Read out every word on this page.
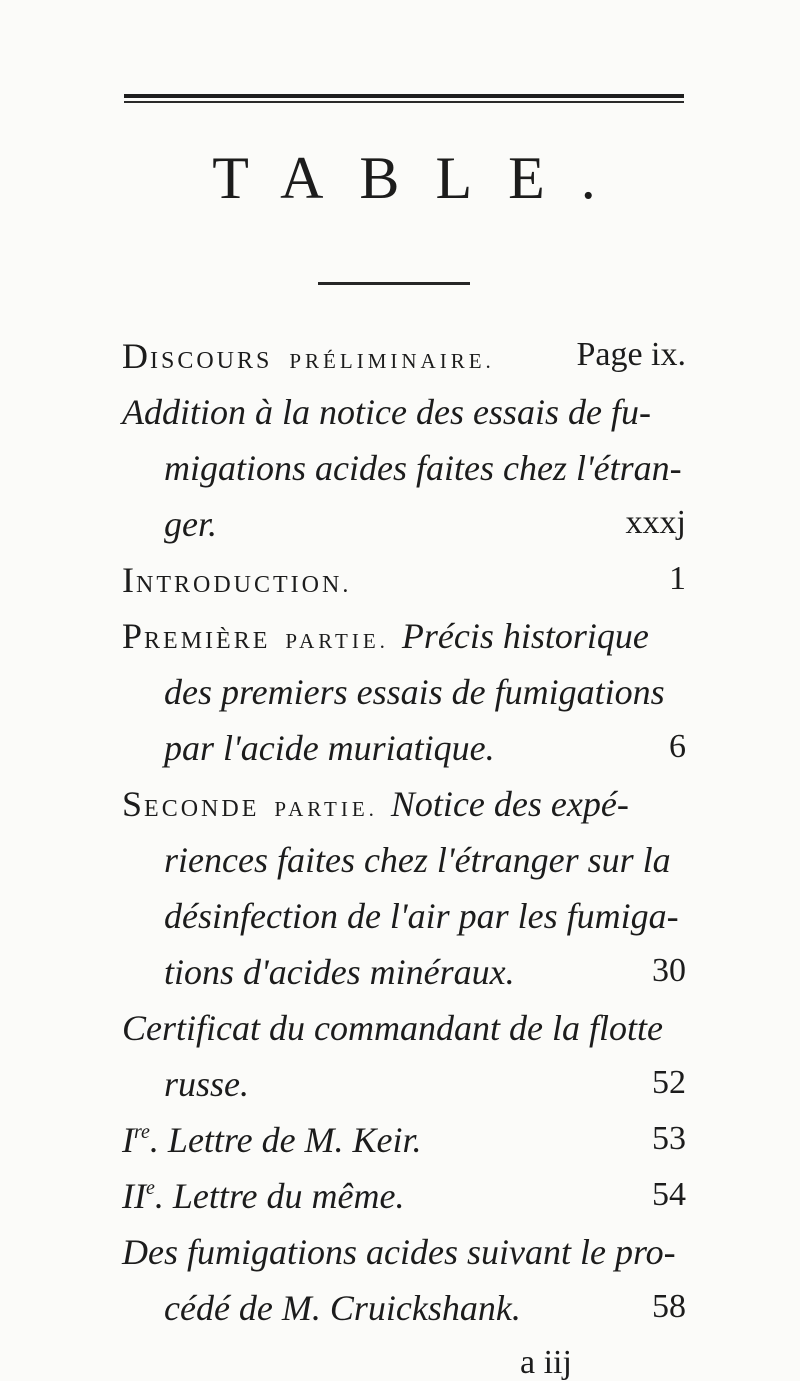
TABLE.
DISCOURS PRÉLIMINAIRE. Page ix.
Addition à la notice des essais de fu-
migations acides faites chez l'étran-
ger.	xxxj
INTRODUCTION.	1
PREMIÈRE PARTIE. Précis historique
des premiers essais de fumigations
par l'acide muriatique.	6
SECONDE PARTIE. Notice des expé-
riences faites chez l'étranger sur la
désinfection de l'air par les fumiga-
tions d'acides minéraux.	30
Certificat du commandant de la flotte
russe.	52
Ire. Lettre de M. Keir.	53
IIe. Lettre du même.	54
Des fumigations acides suivant le pro-
cédé de M. Cruickshank.	58
a iij
